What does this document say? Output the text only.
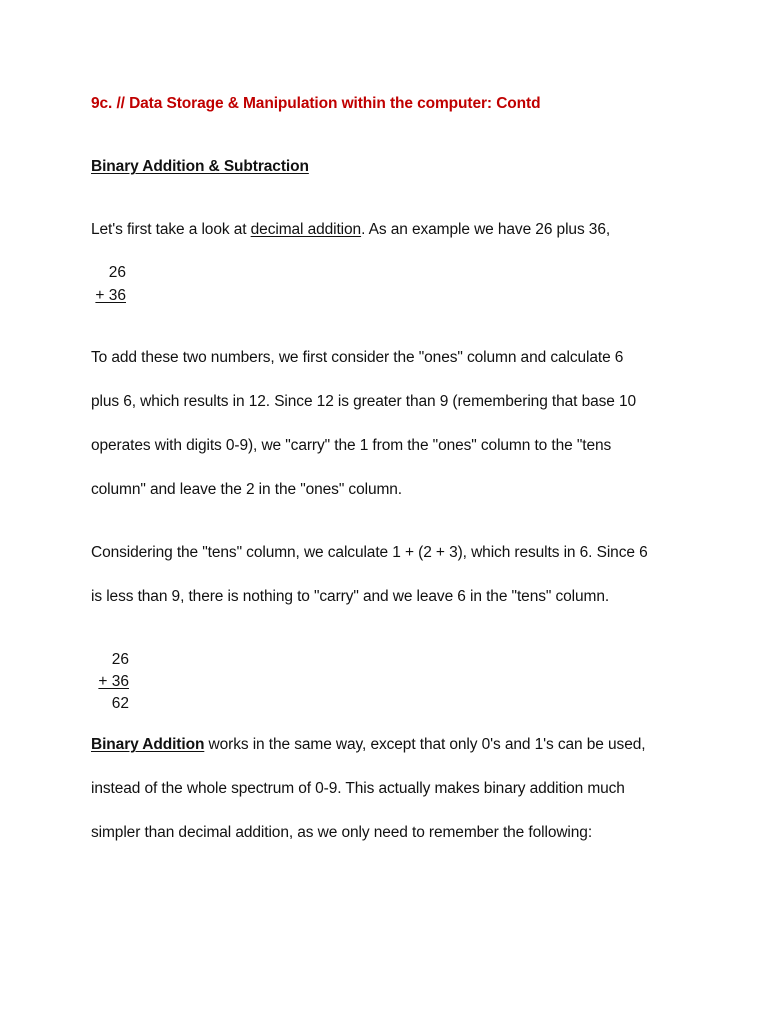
9c. // Data Storage & Manipulation within the computer: Contd
Binary Addition & Subtraction
Let's first take a look at decimal addition. As an example we have 26 plus 36,
26
+ 36
To add these two numbers, we first consider the "ones" column and calculate 6
plus 6, which results in 12. Since 12 is greater than 9 (remembering that base 10
operates with digits 0-9), we "carry" the 1 from the "ones" column to the "tens
column" and leave the 2 in the "ones" column.
Considering the "tens" column, we calculate 1 + (2 + 3), which results in 6. Since 6
is less than 9, there is nothing to "carry" and we leave 6 in the "tens" column.
26
+ 36
62
Binary Addition works in the same way, except that only 0's and 1's can be used,
instead of the whole spectrum of 0-9. This actually makes binary addition much
simpler than decimal addition, as we only need to remember the following:
